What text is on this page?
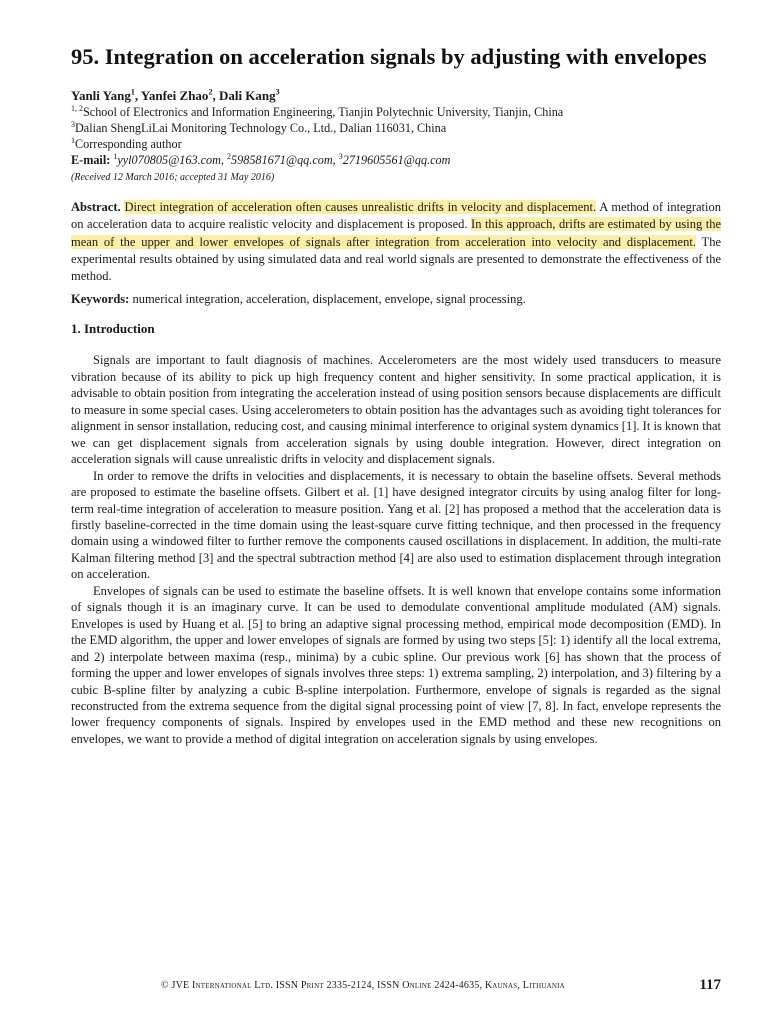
95. Integration on acceleration signals by adjusting with envelopes
Yanli Yang$^1$, Yanfei Zhao$^2$, Dali Kang$^3$
$^{1, 2}$School of Electronics and Information Engineering, Tianjin Polytechnic University, Tianjin, China
$^3$Dalian ShengLiLai Monitoring Technology Co., Ltd., Dalian 116031, China
$^1$Corresponding author
E-mail: $^1$yyl070805@163.com, $^2$598581671@qq.com, $^3$2719605561@qq.com
(Received 12 March 2016; accepted 31 May 2016)
Abstract. Direct integration of acceleration often causes unrealistic drifts in velocity and displacement. A method of integration on acceleration data to acquire realistic velocity and displacement is proposed. In this approach, drifts are estimated by using the mean of the upper and lower envelopes of signals after integration from acceleration into velocity and displacement. The experimental results obtained by using simulated data and real world signals are presented to demonstrate the effectiveness of the method.
Keywords: numerical integration, acceleration, displacement, envelope, signal processing.
1. Introduction

Signals are important to fault diagnosis of machines. Accelerometers are the most widely used transducers to measure vibration because of its ability to pick up high frequency content and higher sensitivity. In some practical application, it is advisable to obtain position from integrating the acceleration instead of using position sensors because displacements are difficult to measure in some special cases. Using accelerometers to obtain position has the advantages such as avoiding tight tolerances for alignment in sensor installation, reducing cost, and causing minimal interference to original system dynamics [1]. It is known that we can get displacement signals from acceleration signals by using double integration. However, direct integration on acceleration signals will cause unrealistic drifts in velocity and displacement signals.

In order to remove the drifts in velocities and displacements, it is necessary to obtain the baseline offsets. Several methods are proposed to estimate the baseline offsets. Gilbert et al. [1] have designed integrator circuits by using analog filter for long-term real-time integration of acceleration to measure position. Yang et al. [2] has proposed a method that the acceleration data is firstly baseline-corrected in the time domain using the least-square curve fitting technique, and then processed in the frequency domain using a windowed filter to further remove the components caused oscillations in displacement. In addition, the multi-rate Kalman filtering method [3] and the spectral subtraction method [4] are also used to estimation displacement through integration on acceleration.

Envelopes of signals can be used to estimate the baseline offsets. It is well known that envelope contains some information of signals though it is an imaginary curve. It can be used to demodulate conventional amplitude modulated (AM) signals. Envelopes is used by Huang et al. [5] to bring an adaptive signal processing method, empirical mode decomposition (EMD). In the EMD algorithm, the upper and lower envelopes of signals are formed by using two steps [5]: 1) identify all the local extrema, and 2) interpolate between maxima (resp., minima) by a cubic spline. Our previous work [6] has shown that the process of forming the upper and lower envelopes of signals involves three steps: 1) extrema sampling, 2) interpolation, and 3) filtering by a cubic B-spline filter by analyzing a cubic B-spline interpolation. Furthermore, envelope of signals is regarded as the signal reconstructed from the extrema sequence from the digital signal processing point of view [7, 8]. In fact, envelope represents the lower frequency components of signals. Inspired by envelopes used in the EMD method and these new recognitions on envelopes, we want to provide a method of digital integration on acceleration signals by using envelopes.

© JVE International Ltd. ISSN Print 2335-2124, ISSN Online 2424-4635, Kaunas, Lithuania	117
